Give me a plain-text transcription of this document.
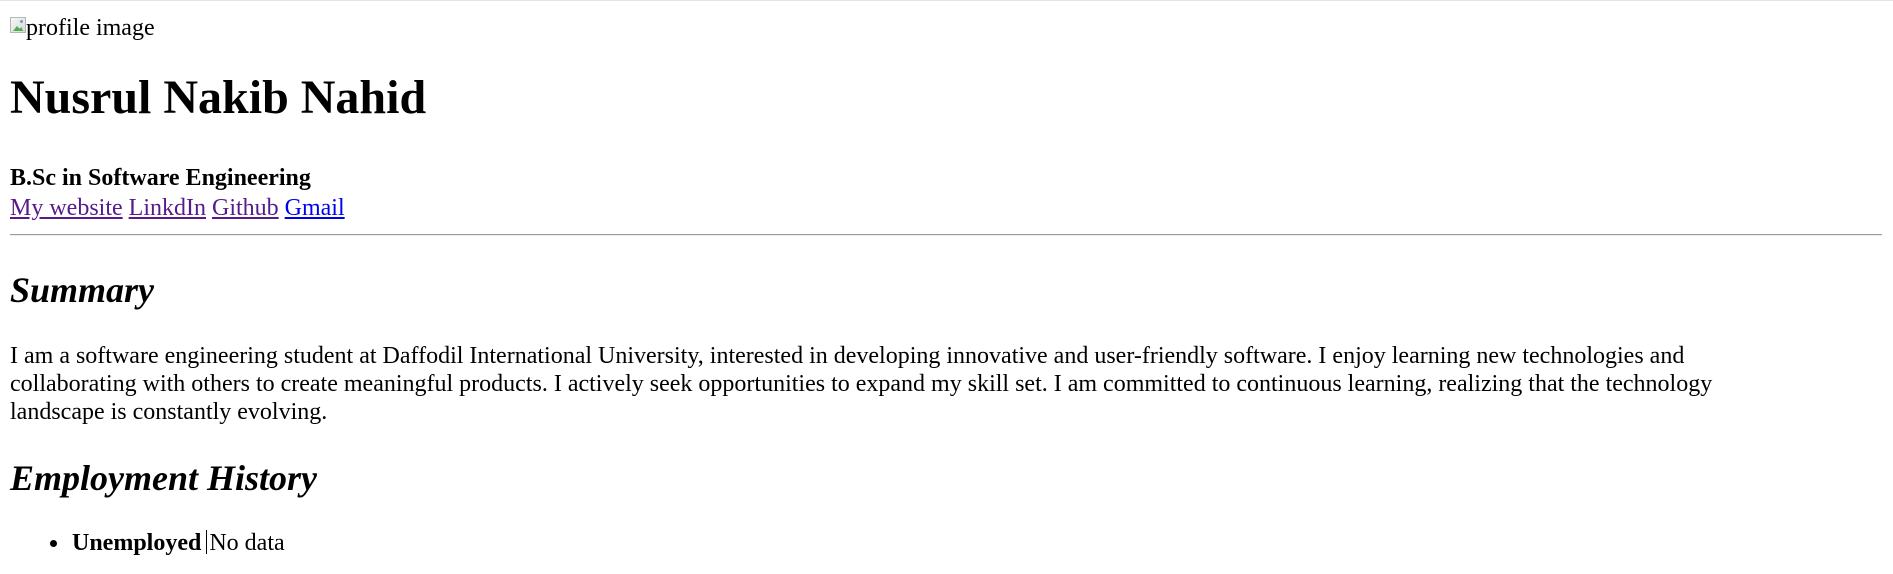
profile image
Nusrul Nakib Nahid
B.Sc in Software Engineering
My website LinkdIn Github Gmail
Summary

I am a software engineering student at Daffodil International University, interested in developing innovative and user-friendly software. I enjoy learning new technologies and collaborating with others to create meaningful products. I actively seek opportunities to expand my skill set. I am committed to continuous learning, realizing that the technology landscape is constantly evolving.

Employment History
Unemployed No data
